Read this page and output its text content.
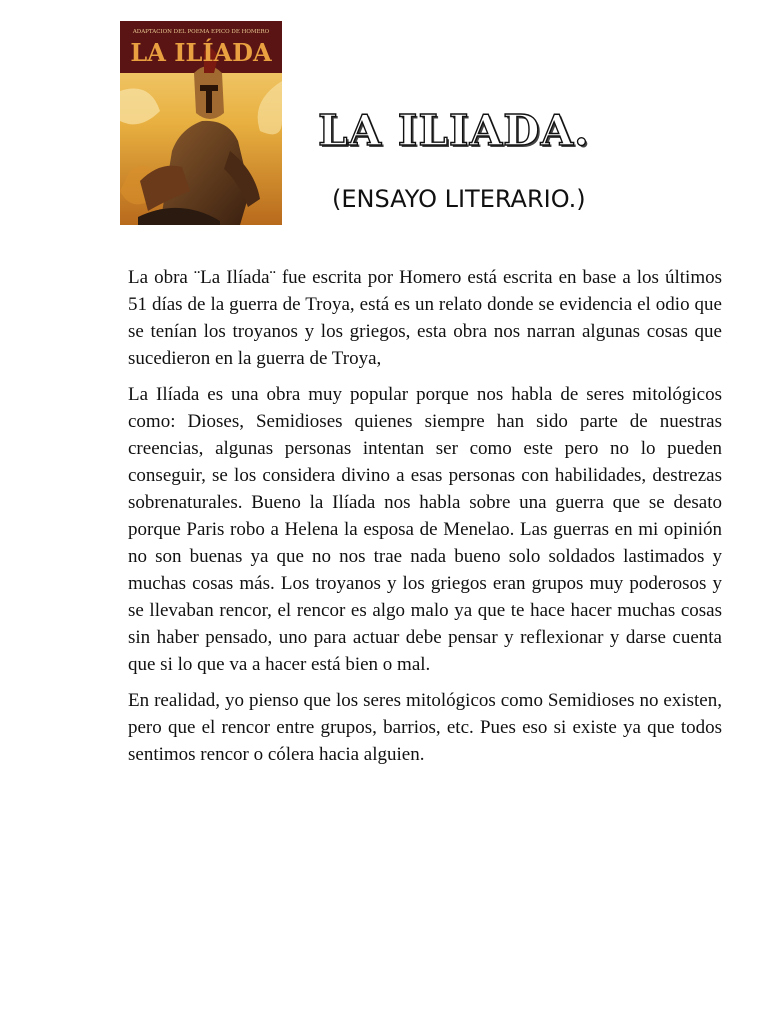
ADAPTACION DEL POEMA EPICO DE HOMERO
LA ILÍADA
LA ILIADA.
(ENSAYO LITERARIO.)

La obra ¨La Ilíada¨ fue escrita por Homero está escrita en base a los últimos 51 días de la guerra de Troya, está es un relato donde se evidencia el odio que se tenían los troyanos y los griegos, esta obra nos narran algunas cosas que sucedieron en la guerra de Troya,

La Ilíada es una obra muy popular porque nos habla de seres mitológicos como: Dioses, Semidioses quienes siempre han sido parte de nuestras creencias, algunas personas intentan ser como este pero no lo pueden conseguir, se los considera divino a esas personas con habilidades, destrezas sobrenaturales. Bueno la Ilíada nos habla sobre una guerra que se desato porque Paris robo a Helena la esposa de Menelao. Las guerras en mi opinión no son buenas ya que no nos trae nada bueno solo soldados lastimados y muchas cosas más. Los troyanos y los griegos eran grupos muy poderosos y se llevaban rencor, el rencor es algo malo ya que te hace hacer muchas cosas sin haber pensado, uno para actuar debe pensar y reflexionar y darse cuenta que si lo que va a hacer está bien o mal.

En realidad, yo pienso que los seres mitológicos como Semidioses no existen, pero que el rencor entre grupos, barrios, etc. Pues eso si existe ya que todos sentimos rencor o cólera hacia alguien.
